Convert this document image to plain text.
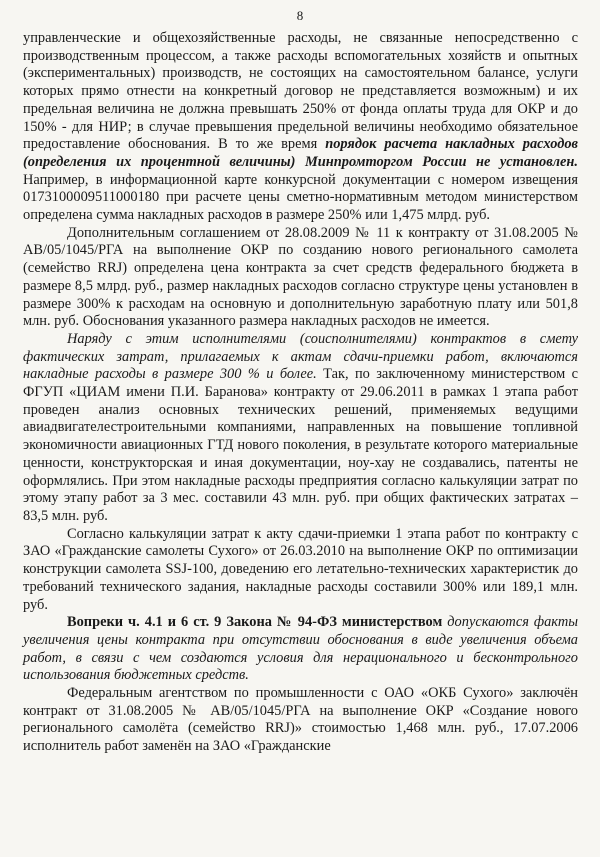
8

управленческие и общехозяйственные расходы, не связанные непосредственно с производственным процессом, а также расходы вспомогательных хозяйств и опытных (экспериментальных) производств, не состоящих на самостоятельном балансе, услуги которых прямо отнести на конкретный договор не представляется возможным) и их предельная величина не должна превышать 250% от фонда оплаты труда для ОКР и до 150% - для НИР; в случае превышения предельной величины необходимо обязательное предоставление обоснования. В то же время порядок расчета накладных расходов (определения их процентной величины) Минпромторгом России не установлен. Например, в информационной карте конкурсной документации с номером извещения 0173100009511000180 при расчете цены сметно-нормативным методом министерством определена сумма накладных расходов в размере 250% или 1,475 млрд. руб.

Дополнительным соглашением от 28.08.2009 № 11 к контракту от 31.08.2005 № АВ/05/1045/РГА на выполнение ОКР по созданию нового регионального самолета (семейство RRJ) определена цена контракта за счет средств федерального бюджета в размере 8,5 млрд. руб., размер накладных расходов согласно структуре цены установлен в размере 300% к расходам на основную и дополнительную заработную плату или 501,8 млн. руб. Обоснования указанного размера накладных расходов не имеется.

Наряду с этим исполнителями (соисполнителями) контрактов в смету фактических затрат, прилагаемых к актам сдачи-приемки работ, включаются накладные расходы в размере 300 % и более. Так, по заключенному министерством с ФГУП «ЦИАМ имени П.И. Баранова» контракту от 29.06.2011 в рамках 1 этапа работ проведен анализ основных технических решений, применяемых ведущими авиадвигателестроительными компаниями, направленных на повышение топливной экономичности авиационных ГТД нового поколения, в результате которого материальные ценности, конструкторская и иная документации, ноу-хау не создавались, патенты не оформлялись. При этом накладные расходы предприятия согласно калькуляции затрат по этому этапу работ за 3 мес. составили 43 млн. руб. при общих фактических затратах – 83,5 млн. руб.

Согласно калькуляции затрат к акту сдачи-приемки 1 этапа работ по контракту с ЗАО «Гражданские самолеты Сухого» от 26.03.2010 на выполнение ОКР по оптимизации конструкции самолета SSJ-100, доведению его летательно-технических характеристик до требований технического задания, накладные расходы составили 300% или 189,1 млн. руб.

Вопреки ч. 4.1 и 6 ст. 9 Закона № 94-ФЗ министерством допускаются факты увеличения цены контракта при отсутствии обоснования в виде увеличения объема работ, в связи с чем создаются условия для нерационального и бесконтрольного использования бюджетных средств.

Федеральным агентством по промышленности с ОАО «ОКБ Сухого» заключён контракт от 31.08.2005 № АВ/05/1045/РГА на выполнение ОКР «Создание нового регионального самолёта (семейство RRJ)» стоимостью 1,468 млн. руб., 17.07.2006 исполнитель работ заменён на ЗАО «Гражданские
